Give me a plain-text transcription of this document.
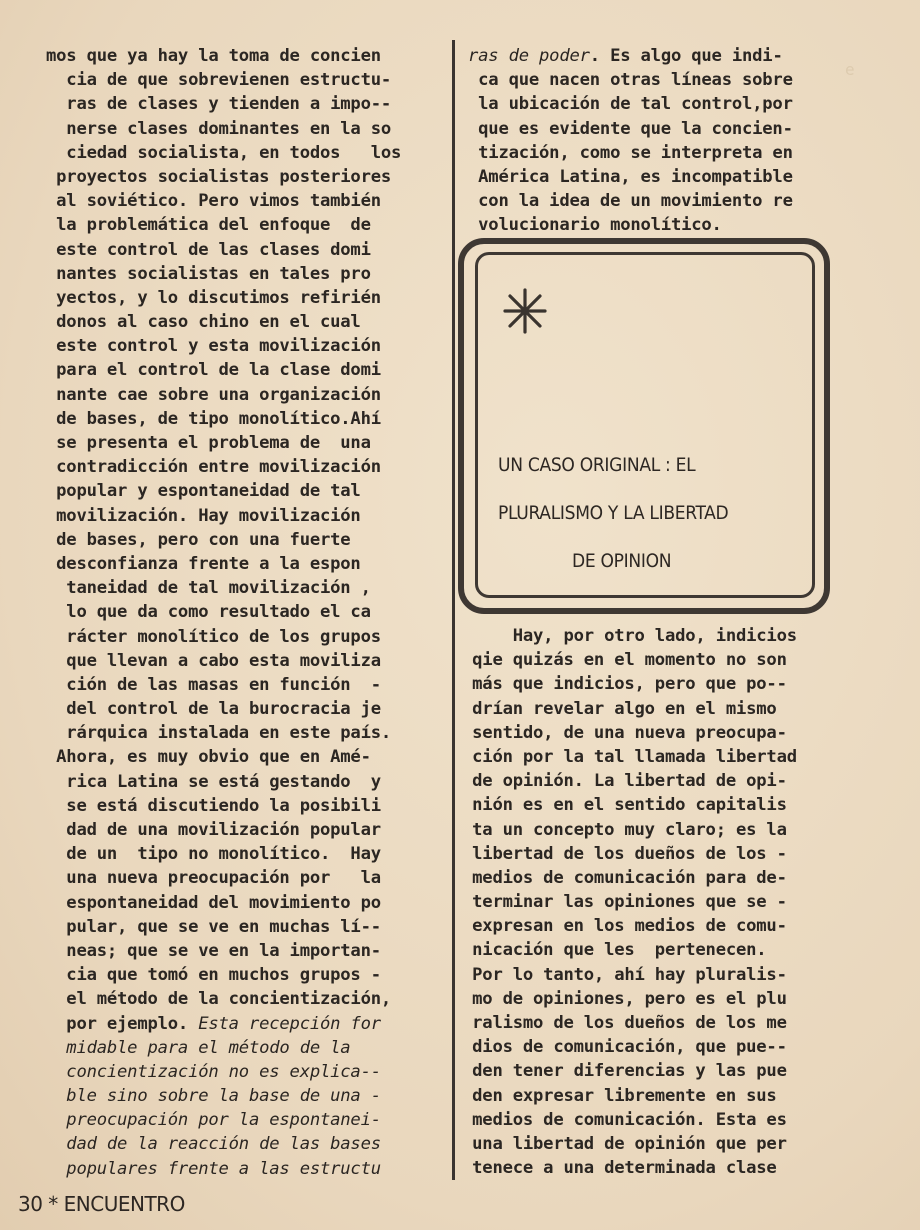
e
mos que ya hay la toma de concien
cia de que sobrevienen estructu-
ras de clases y tienden a impo--
nerse clases dominantes en la so
ciedad socialista, en todos   los
proyectos socialistas posteriores
al soviético. Pero vimos también
la problemática del enfoque  de
este control de las clases domi
nantes socialistas en tales pro
yectos, y lo discutimos refirién
donos al caso chino en el cual
este control y esta movilización
para el control de la clase domi
nante cae sobre una organización
de bases, de tipo monolítico.Ahí
se presenta el problema de  una
contradicción entre movilización
popular y espontaneidad de tal
movilización. Hay movilización
de bases, pero con una fuerte
desconfianza frente a la espon
taneidad de tal movilización ,
lo que da como resultado el ca
rácter monolítico de los grupos
que llevan a cabo esta moviliza
ción de las masas en función  -
del control de la burocracia je
rárquica instalada en este país.
Ahora, es muy obvio que en Amé-
rica Latina se está gestando  y
se está discutiendo la posibili
dad de una movilización popular
de un  tipo no monolítico.  Hay
una nueva preocupación por   la
espontaneidad del movimiento po
pular, que se ve en muchas lí--
neas; que se ve en la importan-
cia que tomó en muchos grupos -
el método de la concientización,
por ejemplo. Esta recepción for
midable para el método de la
concientización no es explica--
ble sino sobre la base de una -
preocupación por la espontanei-
dad de la reacción de las bases
populares frente a las estructu
ras de poder. Es algo que indi-
ca que nacen otras líneas sobre
la ubicación de tal control,por
que es evidente que la concien-
tización, como se interpreta en
América Latina, es incompatible
con la idea de un movimiento re
volucionario monolítico.
UN CASO ORIGINAL : EL
PLURALISMO Y LA LIBERTAD
DE OPINION
Hay, por otro lado, indicios
qie quizás en el momento no son
más que indicios, pero que po--
drían revelar algo en el mismo
sentido, de una nueva preocupa-
ción por la tal llamada libertad
de opinión. La libertad de opi-
nión es en el sentido capitalis
ta un concepto muy claro; es la
libertad de los dueños de los -
medios de comunicación para de-
terminar las opiniones que se -
expresan en los medios de comu-
nicación que les  pertenecen.
Por lo tanto, ahí hay pluralis-
mo de opiniones, pero es el plu
ralismo de los dueños de los me
dios de comunicación, que pue--
den tener diferencias y las pue
den expresar libremente en sus
medios de comunicación. Esta es
una libertad de opinión que per
tenece a una determinada clase
30 * ENCUENTRO
